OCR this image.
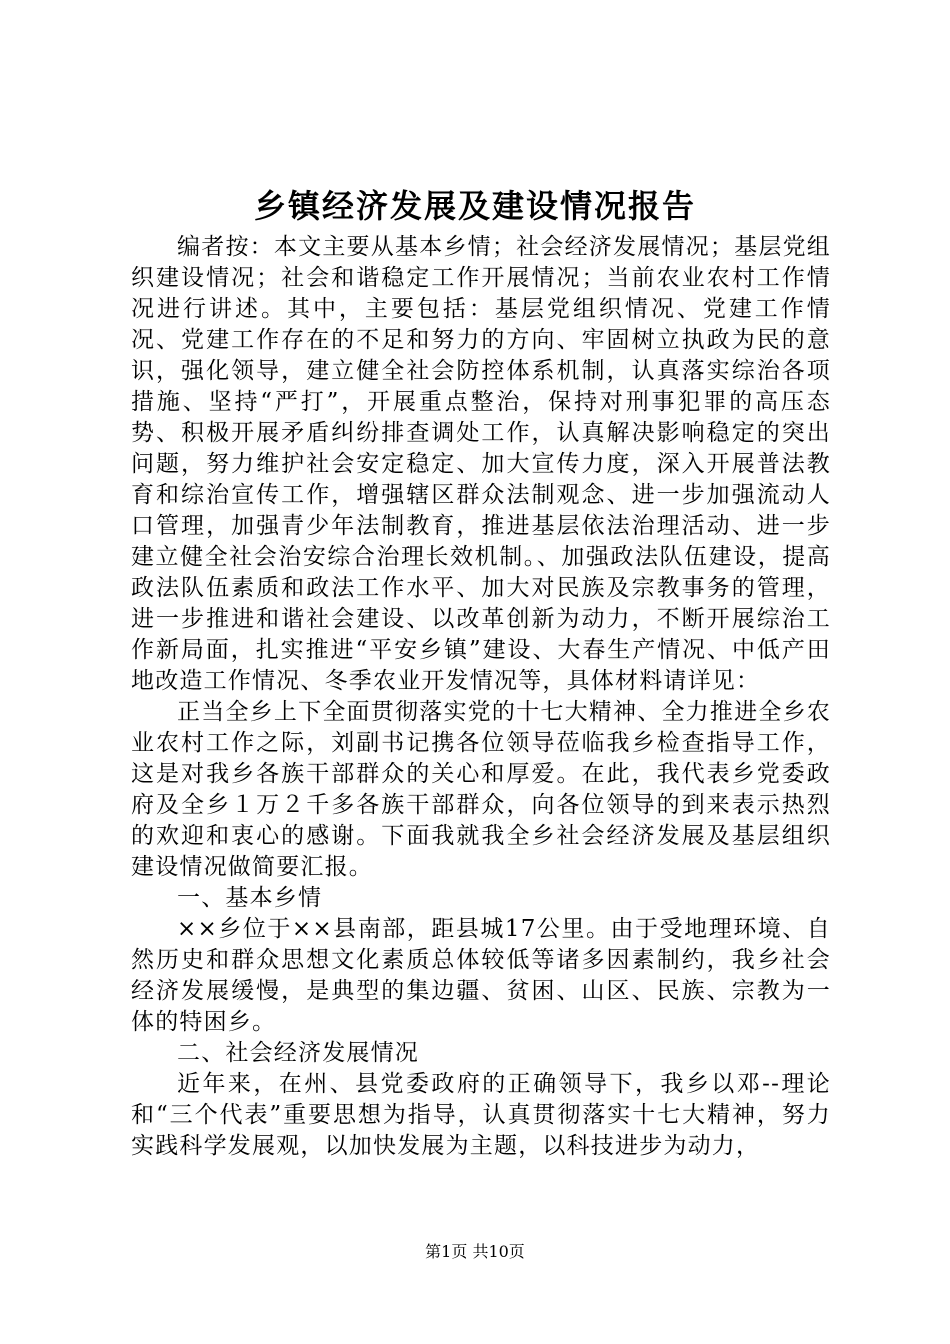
乡镇经济发展及建设情况报告

编者按：本文主要从基本乡情；社会经济发展情况；基层党组织建设情况；社会和谐稳定工作开展情况；当前农业农村工作情况进行讲述。其中，主要包括：基层党组织情况、党建工作情况、党建工作存在的不足和努力的方向、牢固树立执政为民的意识，强化领导，建立健全社会防控体系机制，认真落实综治各项措施、坚持“严打”，开展重点整治，保持对刑事犯罪的高压态势、积极开展矛盾纠纷排查调处工作，认真解决影响稳定的突出问题，努力维护社会安定稳定、加大宣传力度，深入开展普法教育和综治宣传工作，增强辖区群众法制观念、进一步加强流动人口管理，加强青少年法制教育，推进基层依法治理活动、进一步建立健全社会治安综合治理长效机制。、加强政法队伍建设，提高政法队伍素质和政法工作水平、加大对民族及宗教事务的管理，进一步推进和谐社会建设、以改革创新为动力，不断开展综治工作新局面，扎实推进“平安乡镇”建设、大春生产情况、中低产田地改造工作情况、冬季农业开发情况等，具体材料请详见：

正当全乡上下全面贯彻落实党的十七大精神、全力推进全乡农业农村工作之际，刘副书记携各位领导莅临我乡检查指导工作，这是对我乡各族干部群众的关心和厚爱。在此，我代表乡党委政府及全乡１万２千多各族干部群众，向各位领导的到来表示热烈的欢迎和衷心的感谢。下面我就我全乡社会经济发展及基层组织建设情况做简要汇报。

一、基本乡情

××乡位于××县南部，距县城17公里。由于受地理环境、自然历史和群众思想文化素质总体较低等诸多因素制约，我乡社会经济发展缓慢，是典型的集边疆、贫困、山区、民族、宗教为一体的特困乡。

二、社会经济发展情况

近年来，在州、县党委政府的正确领导下，我乡以邓--理论和“三个代表”重要思想为指导，认真贯彻落实十七大精神，努力实践科学发展观，以加快发展为主题，以科技进步为动力，

第1页 共10页
